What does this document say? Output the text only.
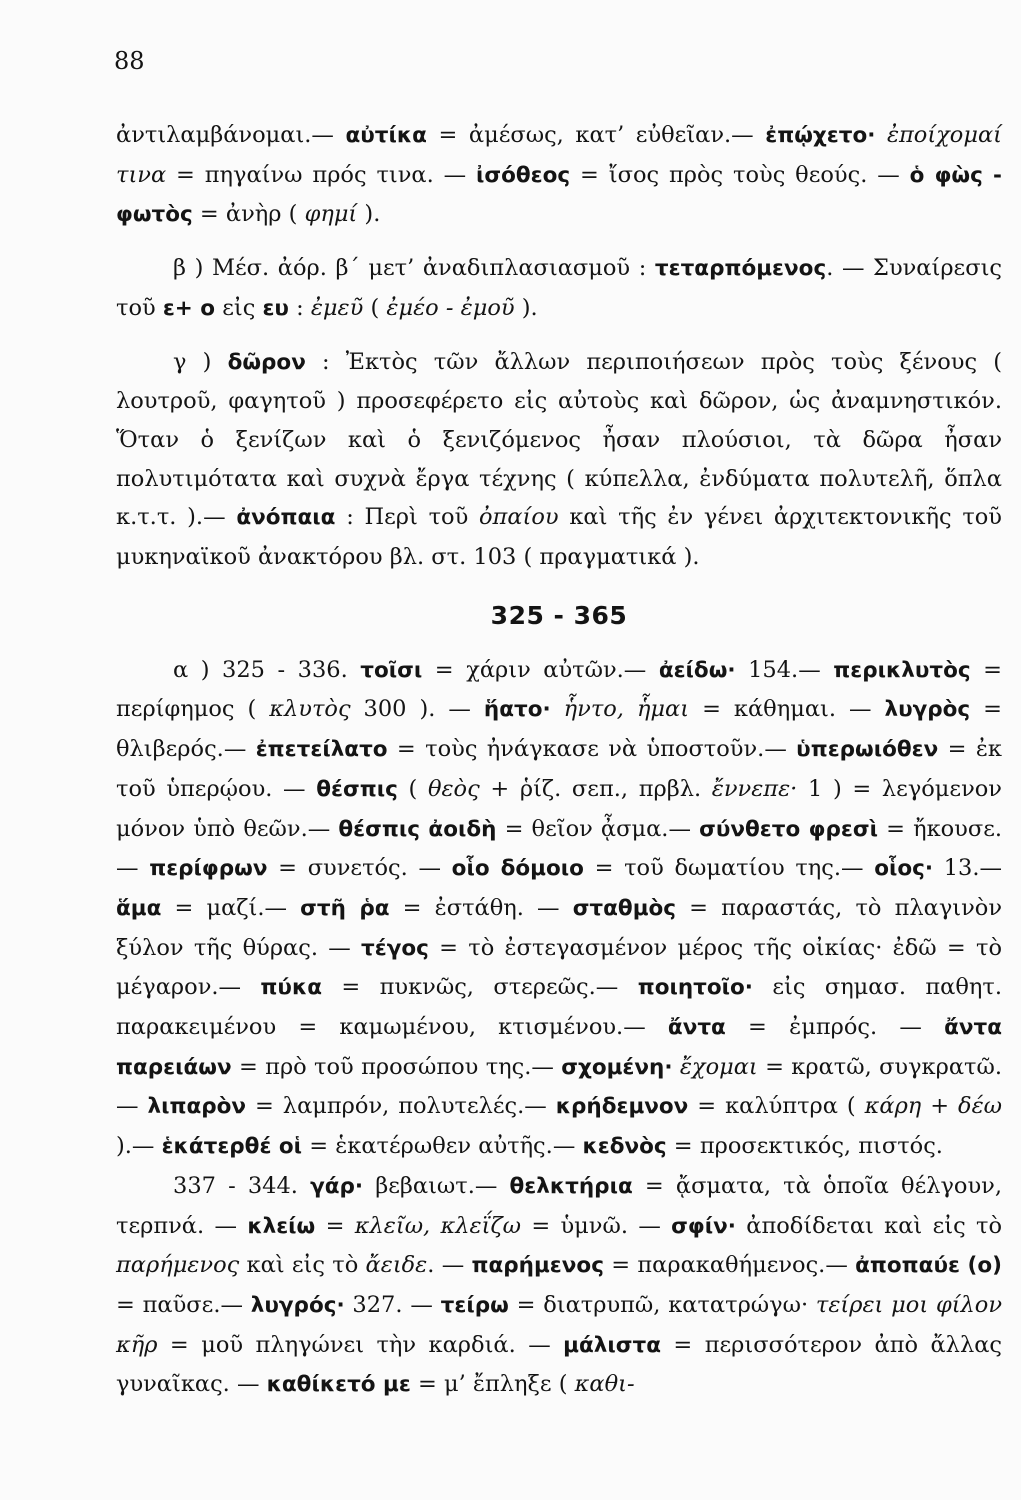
88

ἀντιλαμβάνομαι.— αὐτίκα = ἀμέσως, κατ’ εὐθεῖαν.— ἐπῴχετο· ἐποίχομαί τινα = πηγαίνω πρός τινα. — ἰσόθεος = ἴσος πρὸς τοὺς θεούς. — ὁ φὼς - φωτὸς = ἀνὴρ ( φημί ).

β ) Μέσ. ἀόρ. β΄ μετ’ ἀναδιπλασιασμοῦ : τεταρπόμενος. — Συναίρεσις τοῦ ε+ ο εἰς ευ : ἐμεῦ ( ἐμέο - ἐμοῦ ).

γ ) δῶρον : Ἐκτὸς τῶν ἄλλων περιποιήσεων πρὸς τοὺς ξένους ( λουτροῦ, φαγητοῦ ) προσεφέρετο εἰς αὐτοὺς καὶ δῶρον, ὡς ἀναμνηστικόν. Ὅταν ὁ ξενίζων καὶ ὁ ξενιζόμενος ἦσαν πλούσιοι, τὰ δῶρα ἦσαν πολυτιμότατα καὶ συχνὰ ἔργα τέχνης ( κύπελλα, ἐνδύματα πολυτελῆ, ὅπλα κ.τ.τ. ).— ἀνόπαια : Περὶ τοῦ ὀπαίου καὶ τῆς ἐν γένει ἀρχιτεκτονικῆς τοῦ μυκηναϊκοῦ ἀνακτόρου βλ. στ. 103 ( πραγματικά ).

325 - 365

α ) 325 - 336. τοῖσι = χάριν αὐτῶν.— ἀείδω· 154.— περικλυτὸς = περίφημος ( κλυτὸς 300 ). — ἥατο· ἧντο, ἧμαι = κάθημαι. — λυγρὸς = θλιβερός.— ἐπετείλατο = τοὺς ἠνάγκασε νὰ ὑποστοῦν.— ὑπερωιόθεν = ἐκ τοῦ ὑπερῴου. — θέσπις ( θεὸς + ῥίζ. σεπ., πρβλ. ἔννεπε· 1 ) = λεγόμενον μόνον ὑπὸ θεῶν.— θέσπις ἀοιδὴ = θεῖον ᾆσμα.— σύνθετο φρεσὶ = ἤκουσε. — περίφρων = συνετός. — οἷο δόμοιο = τοῦ δωματίου της.— οἷος· 13.— ἅμα = μαζί.— στῆ ῥα = ἐστάθη. — σταθμὸς = παραστάς, τὸ πλαγινὸν ξύλον τῆς θύρας. — τέγος = τὸ ἐστεγασμένον μέρος τῆς οἰκίας· ἐδῶ = τὸ μέγαρον.— πύκα = πυκνῶς, στερεῶς.— ποιητοῖο· εἰς σημασ. παθητ. παρακειμένου = καμωμένου, κτισμένου.— ἄντα = ἐμπρός. — ἄντα παρειάων = πρὸ τοῦ προσώπου της.— σχομένη· ἔχομαι = κρατῶ, συγκρατῶ. — λιπαρὸν = λαμπρόν, πολυτελές.— κρήδεμνον = καλύπτρα ( κάρη + δέω ).— ἑκάτερθέ οἱ = ἑκατέρωθεν αὐτῆς.— κεδνὸς = προσεκτικός, πιστός.

337 - 344. γάρ· βεβαιωτ.— θελκτήρια = ᾄσματα, τὰ ὁποῖα θέλγουν, τερπνά. — κλείω = κλεῖω, κλεΐζω = ὑμνῶ. — σφίν· ἀποδίδεται καὶ εἰς τὸ παρήμενος καὶ εἰς τὸ ἄειδε. — παρήμενος = παρακαθήμενος.— ἀποπαύε (ο) = παῦσε.— λυγρός· 327. — τείρω = διατρυπῶ, κατατρώγω· τείρει μοι φίλον κῆρ = μοῦ πληγώνει τὴν καρδιά. — μάλιστα = περισσότερον ἀπὸ ἄλλας γυναῖκας. — καθίκετό με = μ’ ἔπληξε ( καθι-
